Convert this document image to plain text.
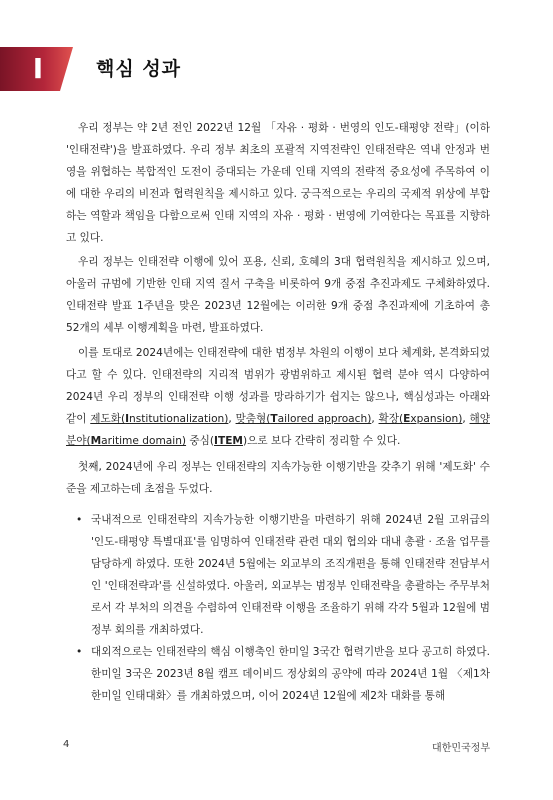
I	핵심 성과

우리 정부는 약 2년 전인 2022년 12월 「자유 · 평화 · 번영의 인도-태평양 전략」(이하 '인태전략')을 발표하였다. 우리 정부 최초의 포괄적 지역전략인 인태전략은 역내 안정과 번영을 위협하는 복합적인 도전이 증대되는 가운데 인태 지역의 전략적 중요성에 주목하여 이에 대한 우리의 비전과 협력원칙을 제시하고 있다. 궁극적으로는 우리의 국제적 위상에 부합하는 역할과 책임을 다함으로써 인태 지역의 자유 · 평화 · 번영에 기여한다는 목표를 지향하고 있다.

우리 정부는 인태전략 이행에 있어 포용, 신뢰, 호혜의 3대 협력원칙을 제시하고 있으며, 아울러 규범에 기반한 인태 지역 질서 구축을 비롯하여 9개 중점 추진과제도 구체화하였다. 인태전략 발표 1주년을 맞은 2023년 12월에는 이러한 9개 중점 추진과제에 기초하여 총 52개의 세부 이행계획을 마련, 발표하였다.

이를 토대로 2024년에는 인태전략에 대한 범정부 차원의 이행이 보다 체계화, 본격화되었다고 할 수 있다. 인태전략의 지리적 범위가 광범위하고 제시된 협력 분야 역시 다양하여 2024년 우리 정부의 인태전략 이행 성과를 망라하기가 쉽지는 않으나, 핵심성과는 아래와 같이 제도화(Institutionalization), 맞춤형(Tailored approach), 확장(Expansion), 해양분야(Maritime domain) 중심(ITEM)으로 보다 간략히 정리할 수 있다.

첫째, 2024년에 우리 정부는 인태전략의 지속가능한 이행기반을 갖추기 위해 '제도화' 수준을 제고하는데 초점을 두었다.

• 국내적으로 인태전략의 지속가능한 이행기반을 마련하기 위해 2024년 2월 고위급의 '인도-태평양 특별대표'를 임명하여 인태전략 관련 대외 협의와 대내 총괄 · 조율 업무를 담당하게 하였다. 또한 2024년 5월에는 외교부의 조직개편을 통해 인태전략 전담부서인 '인태전략과'를 신설하였다. 아울러, 외교부는 범정부 인태전략을 총괄하는 주무부처로서 각 부처의 의견을 수렴하여 인태전략 이행을 조율하기 위해 각각 5월과 12월에 범정부 회의를 개최하였다.

• 대외적으로는 인태전략의 핵심 이행축인 한미일 3국간 협력기반을 보다 공고히 하였다. 한미일 3국은 2023년 8월 캠프 데이비드 정상회의 공약에 따라 2024년 1월 〈제1차 한미일 인태대화〉를 개최하였으며, 이어 2024년 12월에 제2차 대화를 통해

4	대한민국정부
